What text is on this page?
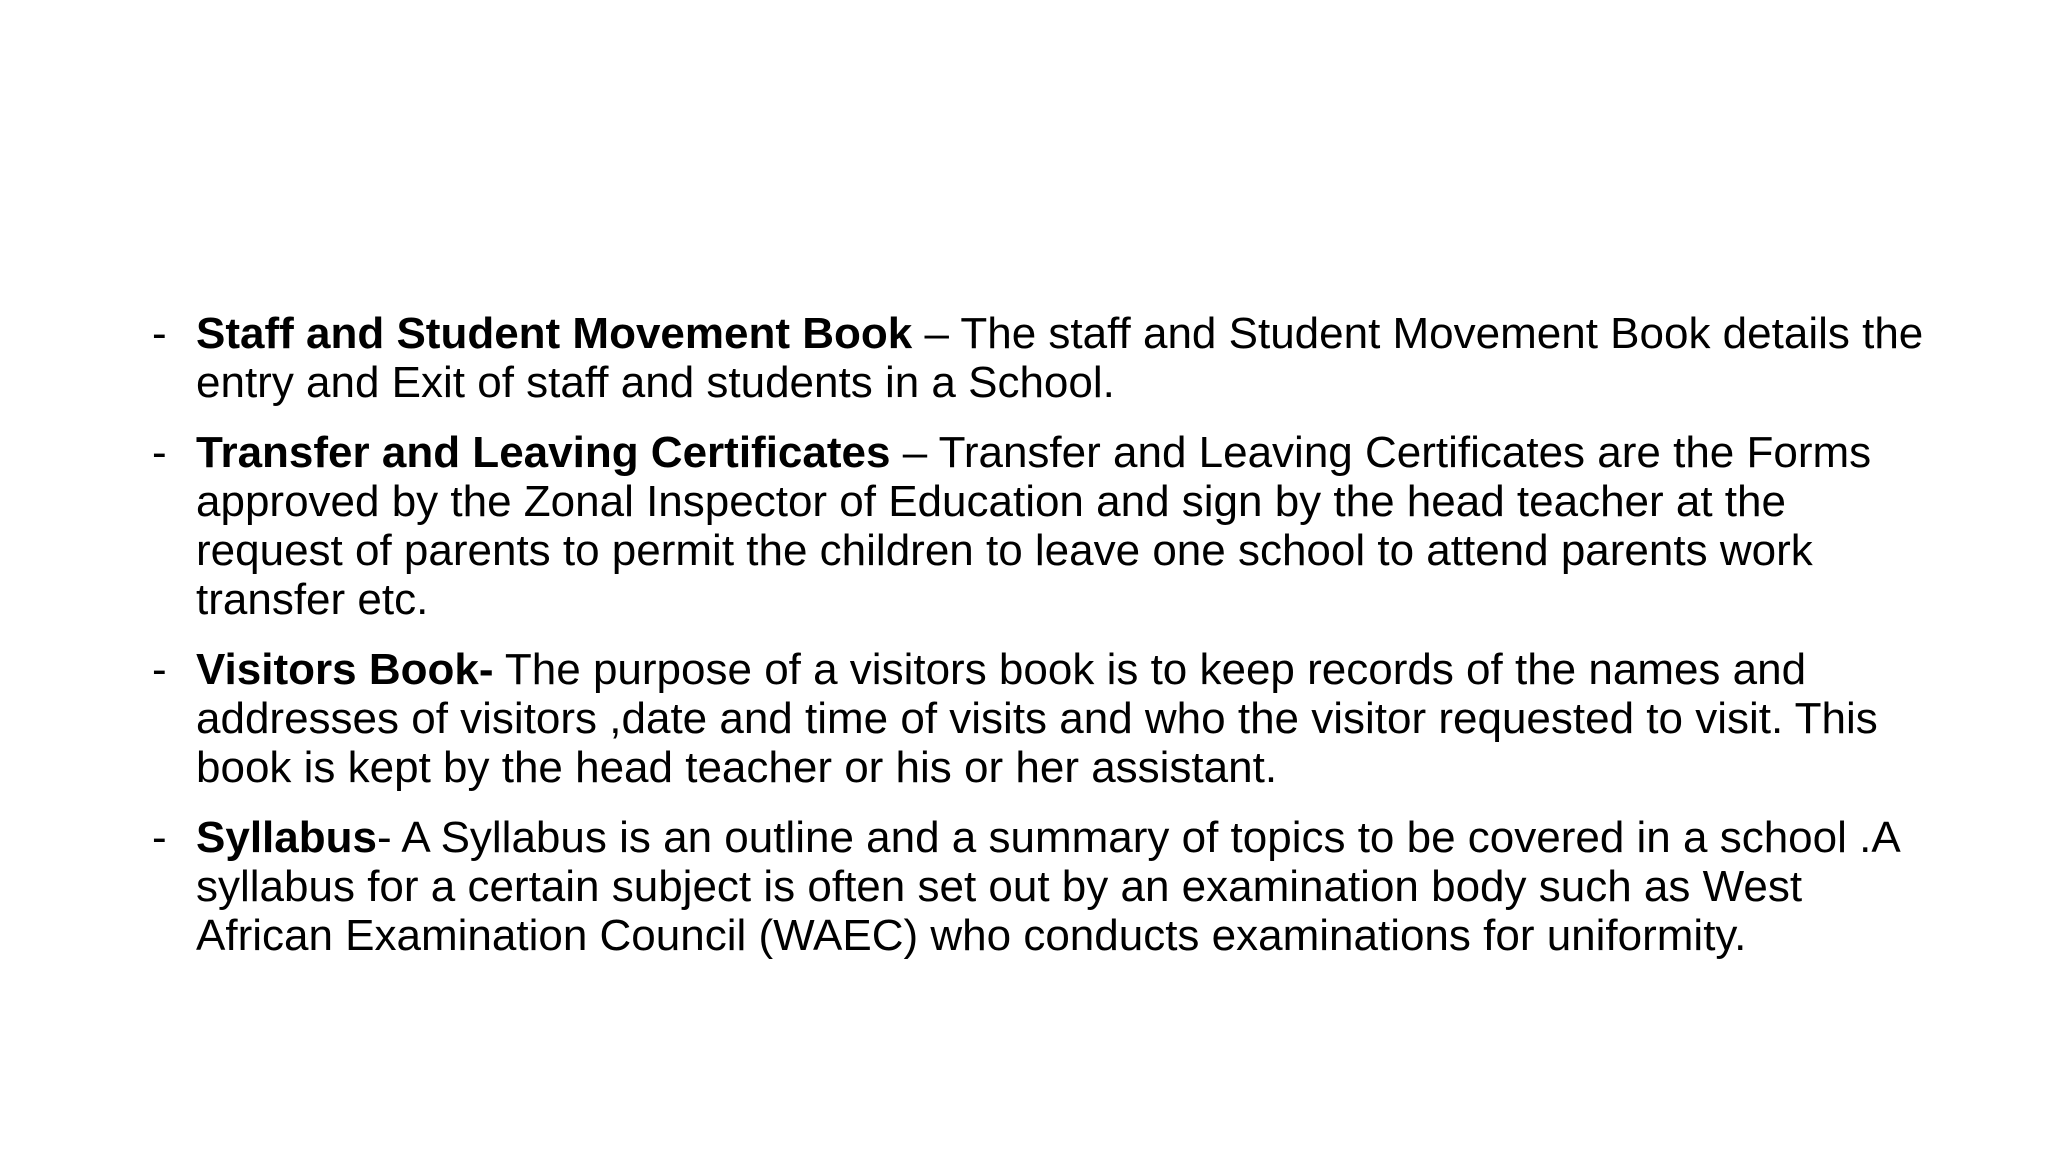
- Staff and Student Movement Book – The staff and Student Movement Book details the entry and Exit of staff and students in a School.
- Transfer and Leaving Certificates – Transfer and Leaving Certificates are the Forms approved by the Zonal Inspector of Education and sign by the head teacher at the request of parents to permit the children to leave one school to attend parents work transfer etc.
- Visitors Book- The purpose of a visitors book is to keep records of the names and addresses of visitors ,date and time of visits and who the visitor requested to visit. This book is kept by the head teacher or his or her assistant.
- Syllabus- A Syllabus is an outline and a summary of topics to be covered in a school .A syllabus for a certain subject is often set out by an examination body such as West African Examination Council (WAEC) who conducts examinations for uniformity.
